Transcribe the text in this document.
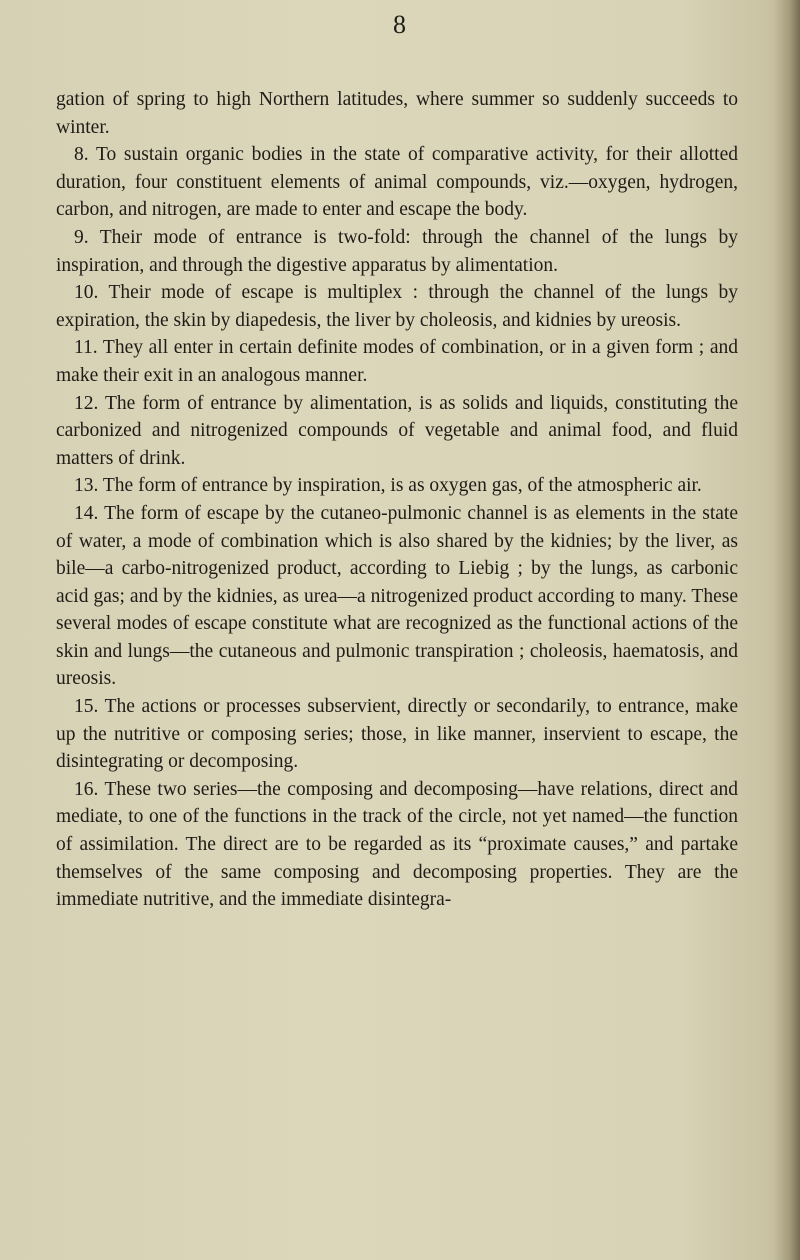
8

gation of spring to high Northern latitudes, where summer so suddenly succeeds to winter.

8. To sustain organic bodies in the state of comparative activity, for their allotted duration, four constituent elements of animal compounds, viz.—oxygen, hydrogen, carbon, and nitrogen, are made to enter and escape the body.

9. Their mode of entrance is two-fold: through the channel of the lungs by inspiration, and through the digestive apparatus by alimentation.

10. Their mode of escape is multiplex : through the channel of the lungs by expiration, the skin by diapedesis, the liver by choleosis, and kidnies by ureosis.

11. They all enter in certain definite modes of combination, or in a given form ; and make their exit in an analogous manner.

12. The form of entrance by alimentation, is as solids and liquids, constituting the carbonized and nitrogenized compounds of vegetable and animal food, and fluid matters of drink.

13. The form of entrance by inspiration, is as oxygen gas, of the atmospheric air.

14. The form of escape by the cutaneo-pulmonic channel is as elements in the state of water, a mode of combination which is also shared by the kidnies; by the liver, as bile—a carbo-nitrogenized product, according to Liebig ; by the lungs, as carbonic acid gas; and by the kidnies, as urea—a nitrogenized product according to many. These several modes of escape constitute what are recognized as the functional actions of the skin and lungs—the cutaneous and pulmonic transpiration ; choleosis, haematosis, and ureosis.

15. The actions or processes subservient, directly or secondarily, to entrance, make up the nutritive or composing series; those, in like manner, inservient to escape, the disintegrating or decomposing.

16. These two series—the composing and decomposing—have relations, direct and mediate, to one of the functions in the track of the circle, not yet named—the function of assimilation. The direct are to be regarded as its “proximate causes,” and partake themselves of the same composing and decomposing properties. They are the immediate nutritive, and the immediate disintegra-
